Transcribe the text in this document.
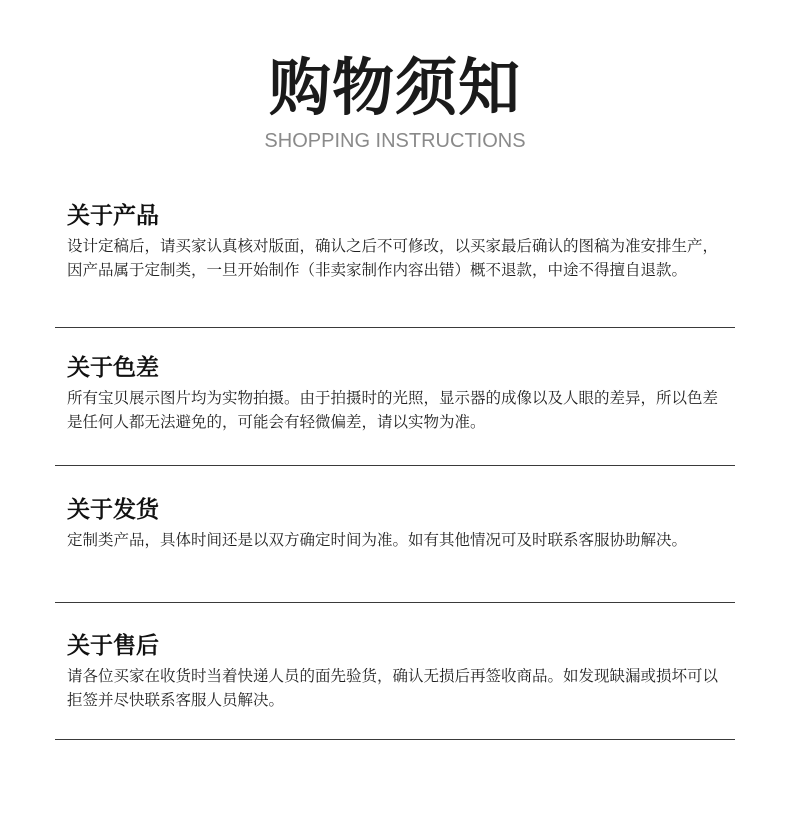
购物须知
SHOPPING INSTRUCTIONS
关于产品

设计定稿后，请买家认真核对版面，确认之后不可修改，以买家最后确认的图稿为准安排生产，因产品属于定制类，一旦开始制作（非卖家制作内容出错）概不退款，中途不得擅自退款。

关于色差

所有宝贝展示图片均为实物拍摄。由于拍摄时的光照，显示器的成像以及人眼的差异，所以色差是任何人都无法避免的，可能会有轻微偏差，请以实物为准。

关于发货

定制类产品，具体时间还是以双方确定时间为准。如有其他情况可及时联系客服协助解决。

关于售后

请各位买家在收货时当着快递人员的面先验货，确认无损后再签收商品。如发现缺漏或损坏可以拒签并尽快联系客服人员解决。
